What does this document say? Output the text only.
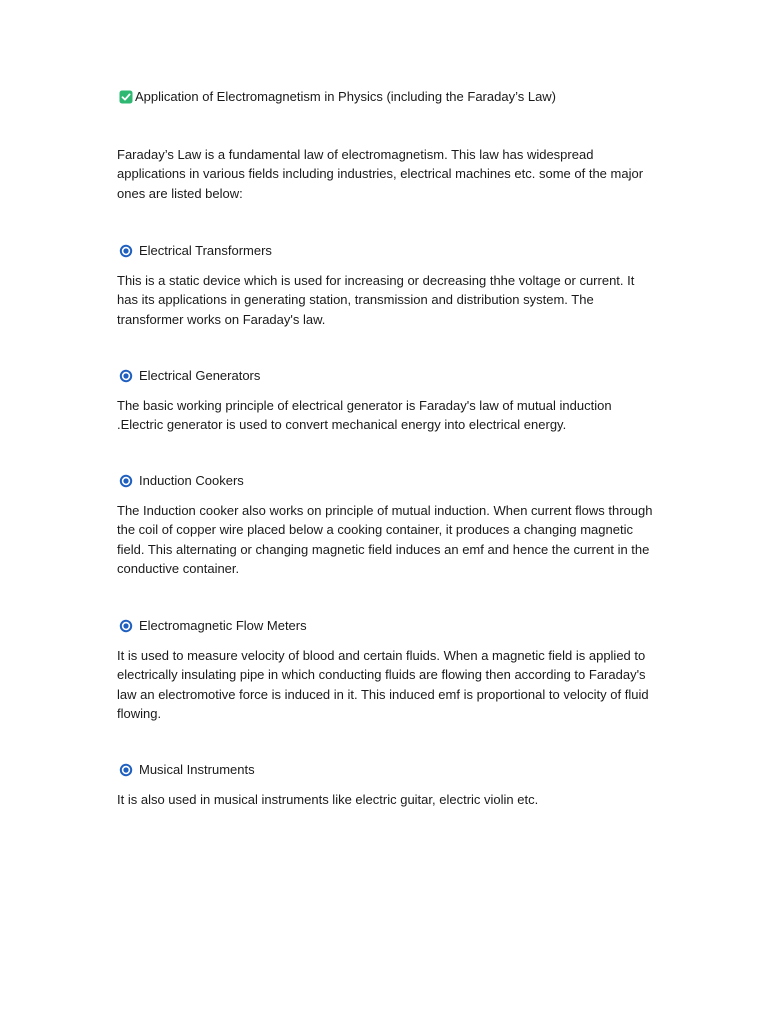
Application of Electromagnetism in Physics (including the Faraday’s Law)

Faraday’s Law is a fundamental law of electromagnetism. This law has widespread applications in various fields including industries, electrical machines etc. some of the major ones are listed below:

Electrical Transformers

This is a static device which is used for increasing or decreasing thhe voltage or current. It has its applications in generating station, transmission and distribution system. The transformer works on Faraday's law.

Electrical Generators

The basic working principle of electrical generator is Faraday's law of mutual induction .Electric generator is used to convert mechanical energy into electrical energy.

Induction Cookers

The Induction cooker also works on principle of mutual induction. When current flows through the coil of copper wire placed below a cooking container, it produces a changing magnetic field. This alternating or changing magnetic field induces an emf and hence the current in the conductive container.

Electromagnetic Flow Meters

It is used to measure velocity of blood and certain fluids. When a magnetic field is applied to electrically insulating pipe in which conducting fluids are flowing then according to Faraday's law an electromotive force is induced in it. This induced emf is proportional to velocity of fluid flowing.

Musical Instruments

It is also used in musical instruments like electric guitar, electric violin etc.
